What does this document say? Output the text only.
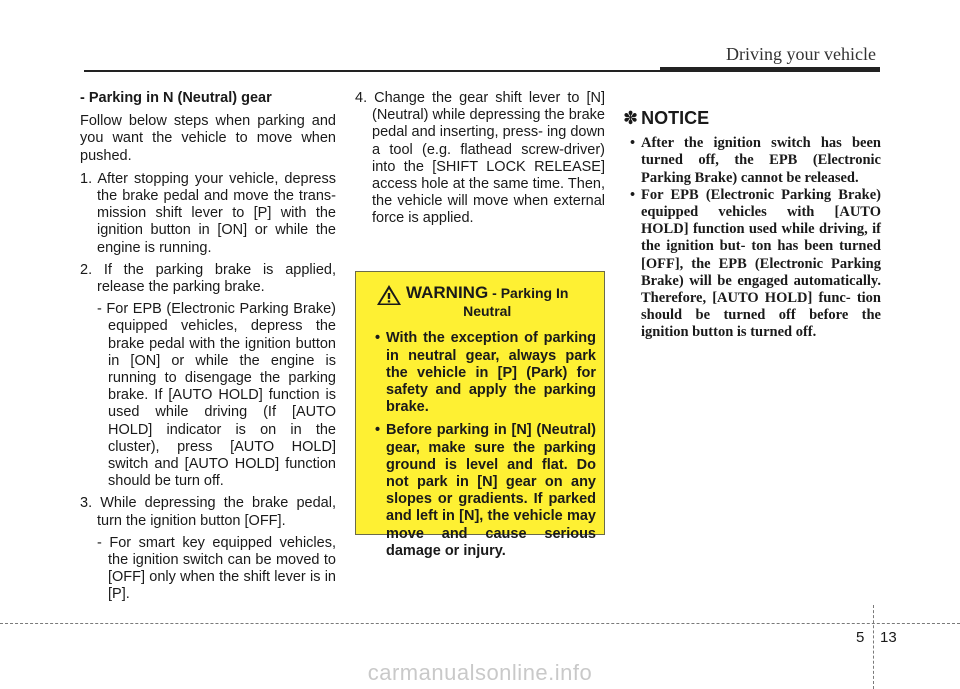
Driving your vehicle

- Parking in N (Neutral) gear

Follow below steps when parking and you want the vehicle to move when pushed.

1. After stopping your vehicle, depress the brake pedal and move the trans- mission shift lever to [P] with the ignition button in [ON] or while the engine is running.

2. If the parking brake is applied, release the parking brake.

- For EPB (Electronic Parking Brake) equipped vehicles, depress the brake pedal with the ignition button in [ON] or while the engine is running to disengage the parking brake. If [AUTO HOLD] function is used while driving (If [AUTO HOLD] indicator is on in the cluster), press [AUTO HOLD] switch and [AUTO HOLD] function should be turn off.

3. While depressing the brake pedal, turn the ignition button [OFF].

- For smart key equipped vehicles, the ignition switch can be moved to [OFF] only when the shift lever is in [P].

4. Change the gear shift lever to [N] (Neutral) while depressing the brake pedal and inserting, press- ing down a tool (e.g. flathead screw-driver) into the [SHIFT LOCK RELEASE] access hole at the same time. Then, the vehicle will move when external force is applied.

WARNING - Parking In
Neutral
• With the exception of parking in neutral gear, always park the vehicle in [P] (Park) for safety and apply the parking brake.
• Before parking in [N] (Neutral) gear, make sure the parking ground is level and flat. Do not park in [N] gear on any slopes or gradients. If parked and left in [N], the vehicle may move and cause serious damage or injury.
✽ NOTICE
• After the ignition switch has been turned off, the EPB (Electronic Parking Brake) cannot be released.
• For EPB (Electronic Parking Brake) equipped vehicles with [AUTO HOLD] function used while driving, if the ignition but- ton has been turned [OFF], the EPB (Electronic Parking Brake) will be engaged automatically. Therefore, [AUTO HOLD] func- tion should be turned off before the ignition button is turned off.
5 13
carmanualsonline.info
